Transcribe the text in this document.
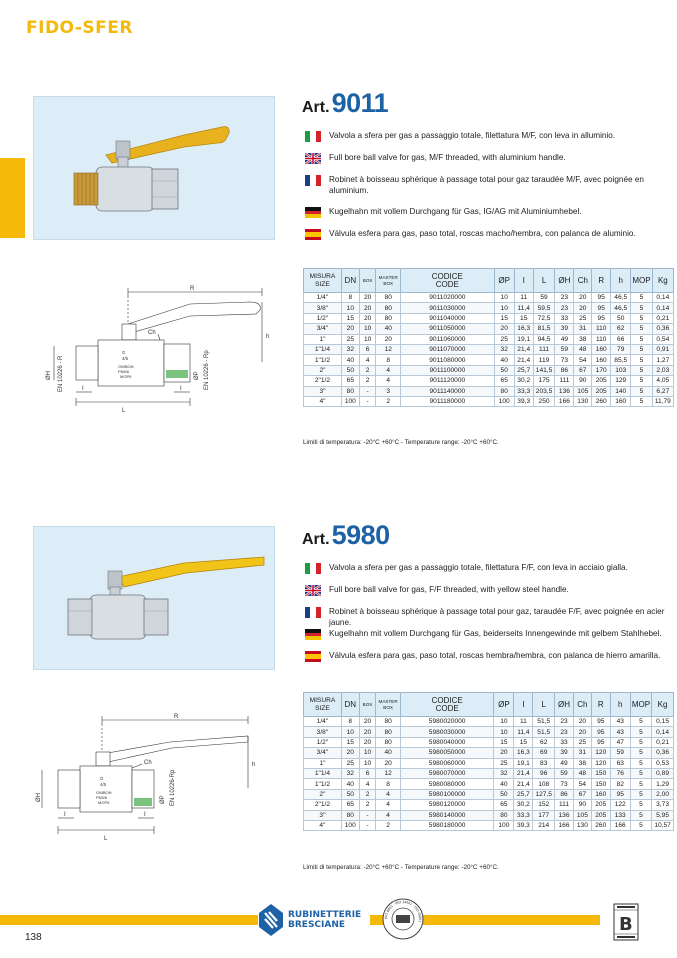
FIDO-SFER
Art.9011
Valvola a sfera per gas a passaggio totale, filettatura M/F, con leva in alluminio.
Full bore ball valve for gas, M/F threaded, with aluminium handle.
Robinet à boisseau sphérique à passage total pour gaz taraudée M/F, avec poignée en aluminium.
Kugelhahn mit vollem Durchgang für Gas, IG/AG mit Aluminiumhebel.
Válvula esfera para gas, paso total, roscas macho/hembra, con palanca de aluminio.
R
G
4/5
GWBON
PN5/6
MOP5
Ch
h
ØP EN 10226 - Rp
ØH EN 10226 - R
L
I	I
MISURA
SIZE	DN	BOX	MASTER
BOX	CODICE
CODE	ØP	I	L	ØH	Ch	R	h	MOP	Kg
1/4"	8	20	80	9011020000	10	11	59	23	20	95	46,5	5	0,14
3/8"	10	20	80	9011030000	10	11,4	59,5	23	20	95	46,5	5	0,14
1/2"	15	20	80	9011040000	15	15	72,5	33	25	95	50	5	0,21
3/4"	20	10	40	9011050000	20	16,3	81,5	39	31	110	62	5	0,36
1"	25	10	20	9011060000	25	19,1	94,5	49	38	110	66	5	0,54
1"1/4	32	6	12	9011070000	32	21,4	111	59	48	160	79	5	0,91
1"1/2	40	4	8	9011080000	40	21,4	119	73	54	160	85,5	5	1,27
2"	50	2	4	9011100000	50	25,7	141,5	86	67	170	103	5	2,03
2"1/2	65	2	4	9011120000	65	30,2	175	111	90	205	129	5	4,05
3"	80	-	3	9011140000	80	33,3	203,5	136	105	205	140	5	6,27
4"	100	-	2	9011180000	100	39,3	250	166	130	260	160	5	11,79
Limiti di temperatura: -20°C +60°C - Temperature range: -20°C +60°C.
Art.5980
Valvola a sfera per gas a passaggio totale, filettatura F/F, con leva in acciaio gialla.
Full bore ball valve for gas, F/F threaded, with yellow steel handle.
Robinet à boisseau sphérique à passage total pour gaz, taraudée F/F, avec poignée en acier jaune.
Kugelhahn mit vollem Durchgang für Gas, beiderseits Innengewinde mit gelbem Stahlhebel.
Válvula esfera para gas, paso total, roscas hembra/hembra, con palanca de hierro amarilla.
R
G
4/5
GWBON
PN5/6
MOP5
Ch	h
ØP EN 10226-Rp
ØH
L
I	I
MISURA
SIZE	DN	BOX	MASTER
BOX	CODICE
CODE	ØP	I	L	ØH	Ch	R	h	MOP	Kg
1/4"	8	20	80	5980020000	10	11	51,5	23	20	95	43	5	0,15
3/8"	10	20	80	5980030000	10	11,4	51,5	23	20	95	43	5	0,14
1/2"	15	20	80	5980040000	15	15	62	33	25	95	47	5	0,21
3/4"	20	10	40	5980050000	20	16,3	69	39	31	120	59	5	0,36
1"	25	10	20	5980060000	25	19,1	83	49	38	120	63	5	0,53
1"1/4	32	6	12	5980070000	32	21,4	96	59	48	150	76	5	0,89
1"1/2	40	4	8	5980080000	40	21,4	108	73	54	150	82	5	1,29
2"	50	2	4	5980100000	50	25,7	127,5	86	67	160	95	5	2,00
2"1/2	65	2	4	5980120000	65	30,2	152	111	90	205	122	5	3,73
3"	80	-	4	5980140000	80	33,3	177	136	105	205	133	5	5,95
4"	100	-	2	5980180000	100	39,3	214	166	130	260	166	5	10,57
Limiti di temperatura: -20°C +60°C - Temperature range: -20°C +60°C.
138
RUBINETTERIE
BRESCIANE
ISO 9001 · ISO 14001 · ISO 45001	B
